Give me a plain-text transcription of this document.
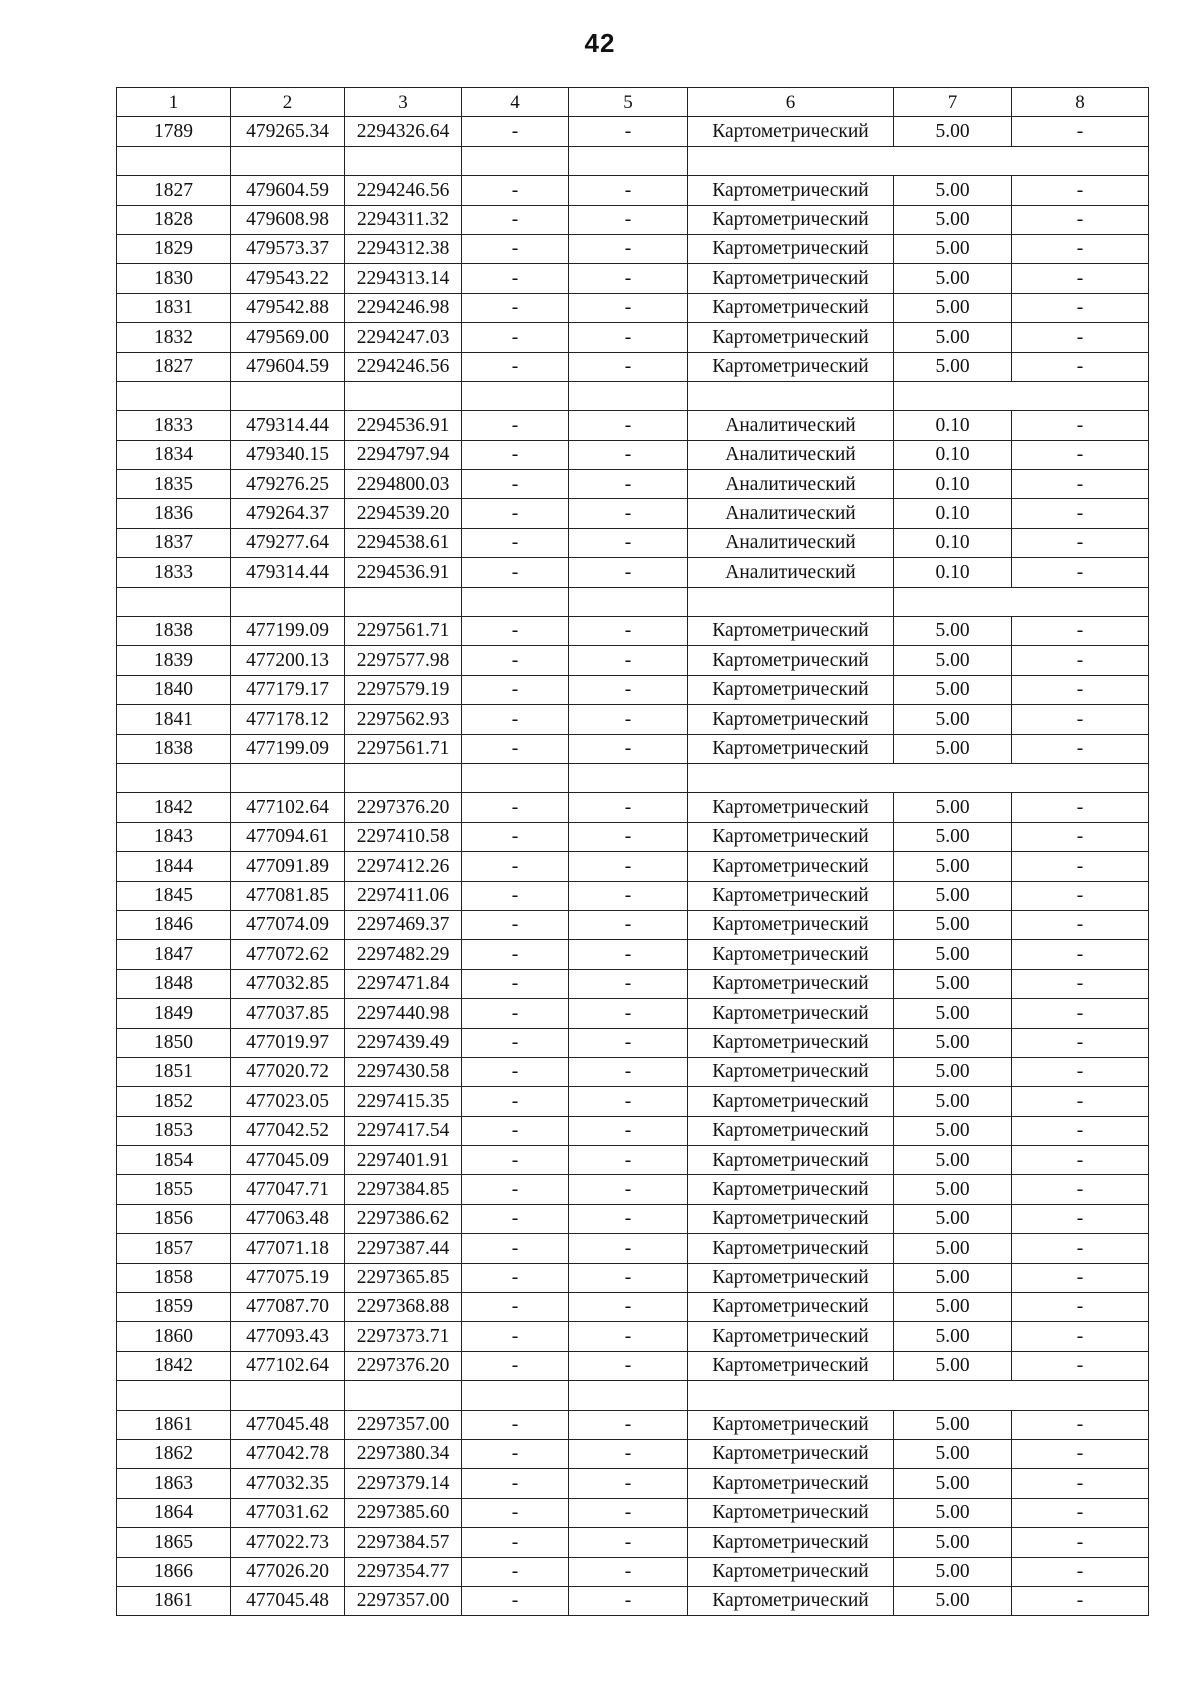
42
1	2	3	4	5	6	7	8
1789	479265.34	2294326.64	-	-	Картометрический	5.00	-

1827	479604.59	2294246.56	-	-	Картометрический	5.00	-
1828	479608.98	2294311.32	-	-	Картометрический	5.00	-
1829	479573.37	2294312.38	-	-	Картометрический	5.00	-
1830	479543.22	2294313.14	-	-	Картометрический	5.00	-
1831	479542.88	2294246.98	-	-	Картометрический	5.00	-
1832	479569.00	2294247.03	-	-	Картометрический	5.00	-
1827	479604.59	2294246.56	-	-	Картометрический	5.00	-

1833	479314.44	2294536.91	-	-	Аналитический	0.10	-
1834	479340.15	2294797.94	-	-	Аналитический	0.10	-
1835	479276.25	2294800.03	-	-	Аналитический	0.10	-
1836	479264.37	2294539.20	-	-	Аналитический	0.10	-
1837	479277.64	2294538.61	-	-	Аналитический	0.10	-
1833	479314.44	2294536.91	-	-	Аналитический	0.10	-

1838	477199.09	2297561.71	-	-	Картометрический	5.00	-
1839	477200.13	2297577.98	-	-	Картометрический	5.00	-
1840	477179.17	2297579.19	-	-	Картометрический	5.00	-
1841	477178.12	2297562.93	-	-	Картометрический	5.00	-
1838	477199.09	2297561.71	-	-	Картометрический	5.00	-

1842	477102.64	2297376.20	-	-	Картометрический	5.00	-
1843	477094.61	2297410.58	-	-	Картометрический	5.00	-
1844	477091.89	2297412.26	-	-	Картометрический	5.00	-
1845	477081.85	2297411.06	-	-	Картометрический	5.00	-
1846	477074.09	2297469.37	-	-	Картометрический	5.00	-
1847	477072.62	2297482.29	-	-	Картометрический	5.00	-
1848	477032.85	2297471.84	-	-	Картометрический	5.00	-
1849	477037.85	2297440.98	-	-	Картометрический	5.00	-
1850	477019.97	2297439.49	-	-	Картометрический	5.00	-
1851	477020.72	2297430.58	-	-	Картометрический	5.00	-
1852	477023.05	2297415.35	-	-	Картометрический	5.00	-
1853	477042.52	2297417.54	-	-	Картометрический	5.00	-
1854	477045.09	2297401.91	-	-	Картометрический	5.00	-
1855	477047.71	2297384.85	-	-	Картометрический	5.00	-
1856	477063.48	2297386.62	-	-	Картометрический	5.00	-
1857	477071.18	2297387.44	-	-	Картометрический	5.00	-
1858	477075.19	2297365.85	-	-	Картометрический	5.00	-
1859	477087.70	2297368.88	-	-	Картометрический	5.00	-
1860	477093.43	2297373.71	-	-	Картометрический	5.00	-
1842	477102.64	2297376.20	-	-	Картометрический	5.00	-

1861	477045.48	2297357.00	-	-	Картометрический	5.00	-
1862	477042.78	2297380.34	-	-	Картометрический	5.00	-
1863	477032.35	2297379.14	-	-	Картометрический	5.00	-
1864	477031.62	2297385.60	-	-	Картометрический	5.00	-
1865	477022.73	2297384.57	-	-	Картометрический	5.00	-
1866	477026.20	2297354.77	-	-	Картометрический	5.00	-
1861	477045.48	2297357.00	-	-	Картометрический	5.00	-
